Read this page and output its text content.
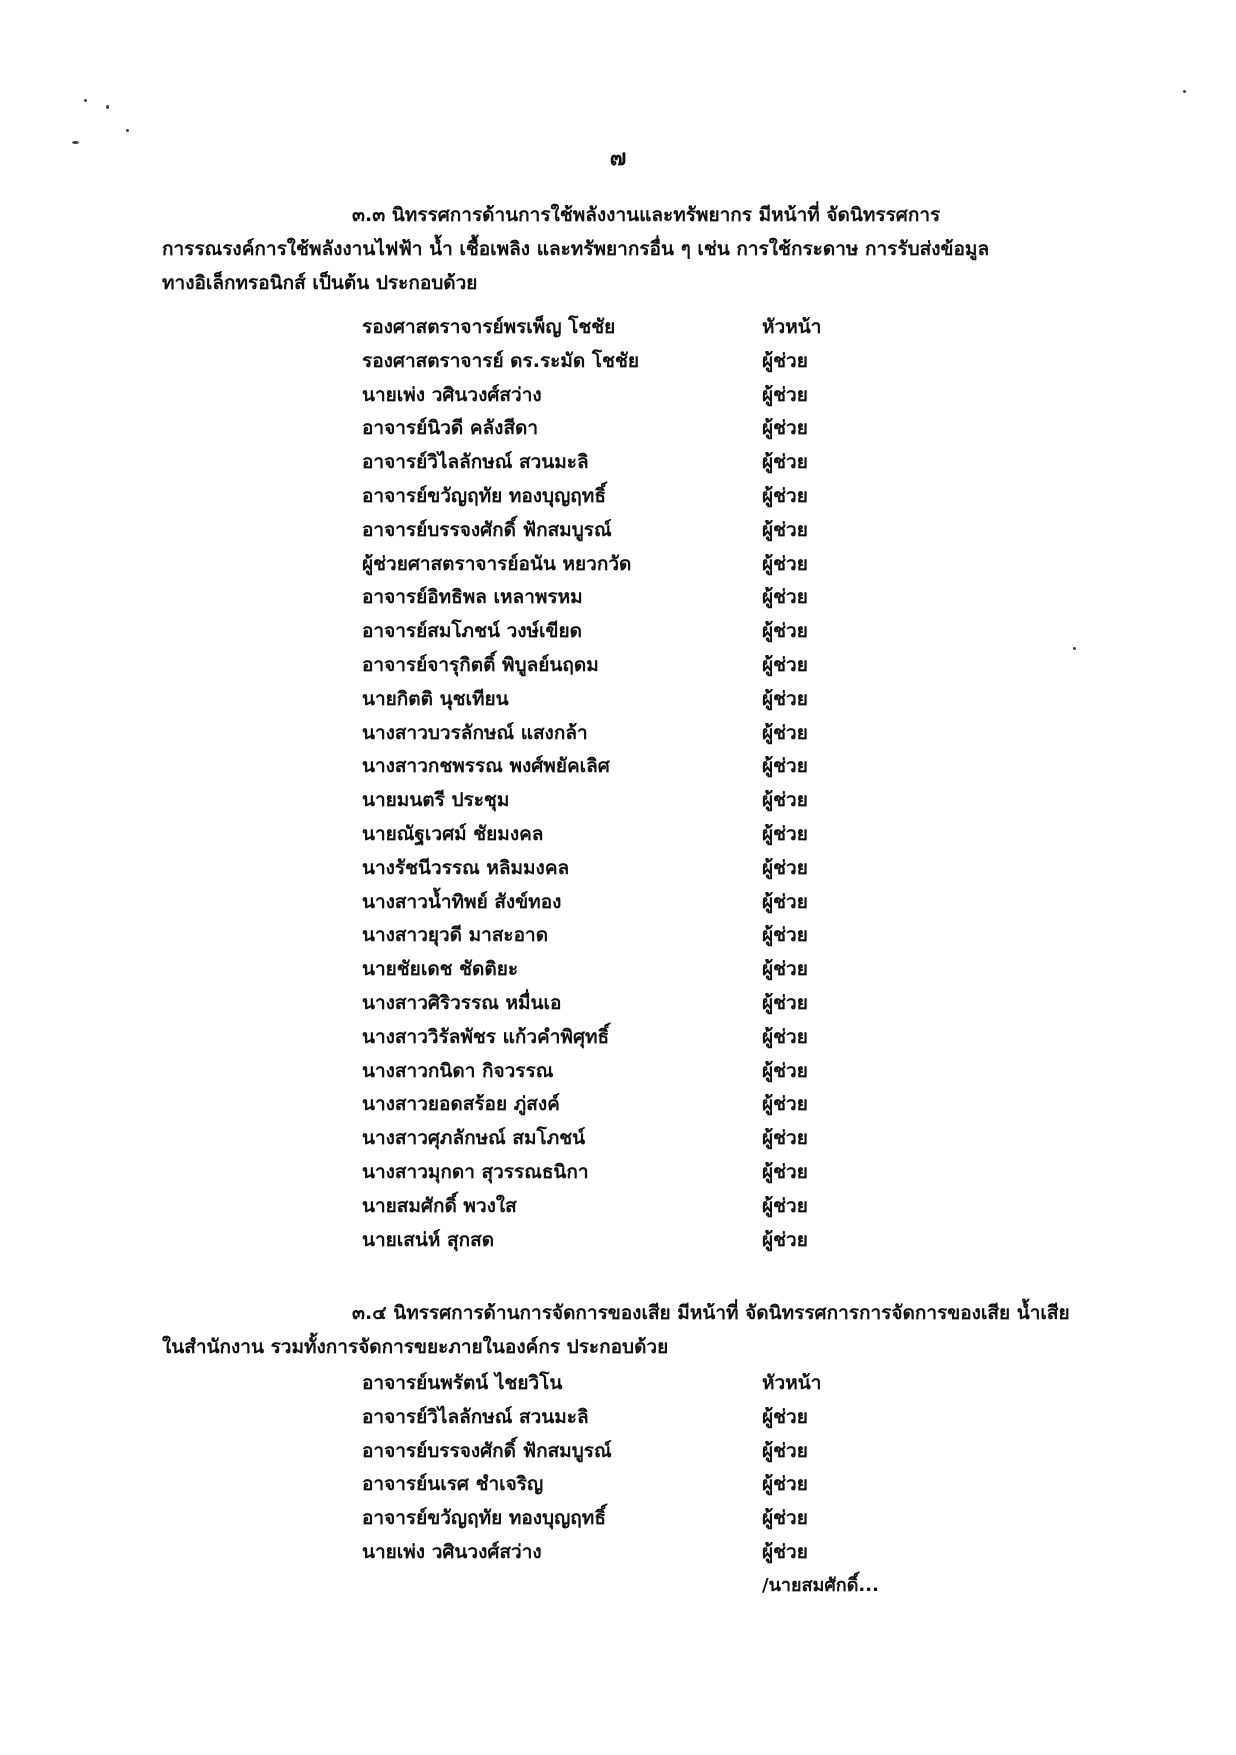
๗
๓.๓ นิทรรศการด้านการใช้พลังงานและทรัพยากร มีหน้าที่ จัดนิทรรศการ
การรณรงค์การใช้พลังงานไฟฟ้า น้ำ เชื้อเพลิง และทรัพยากรอื่น ๆ เช่น การใช้กระดาษ การรับส่งข้อมูล
ทางอิเล็กทรอนิกส์ เป็นต้น ประกอบด้วย
รองศาสตราจารย์พรเพ็ญ โชชัย	หัวหน้า
รองศาสตราจารย์ ดร.ระมัด โชชัย	ผู้ช่วย
นายเพ่ง วศินวงศ์สว่าง	ผู้ช่วย
อาจารย์นิวดี คลังสีดา	ผู้ช่วย
อาจารย์วิไลลักษณ์ สวนมะลิ	ผู้ช่วย
อาจารย์ขวัญฤทัย ทองบุญฤทธิ์	ผู้ช่วย
อาจารย์บรรจงศักดิ์ ฟักสมบูรณ์	ผู้ช่วย
ผู้ช่วยศาสตราจารย์อนัน หยวกวัด	ผู้ช่วย
อาจารย์อิทธิพล เหลาพรหม	ผู้ช่วย
อาจารย์สมโภชน์ วงษ์เขียด	ผู้ช่วย
อาจารย์จารุกิตติ์ พิบูลย์นฤดม	ผู้ช่วย
นายกิตติ นุชเทียน	ผู้ช่วย
นางสาวบวรลักษณ์ แสงกล้า	ผู้ช่วย
นางสาวกชพรรณ พงศ์พยัคเลิศ	ผู้ช่วย
นายมนตรี ประชุม	ผู้ช่วย
นายณัฐเวศม์ ชัยมงคล	ผู้ช่วย
นางรัชนีวรรณ หลิมมงคล	ผู้ช่วย
นางสาวน้ำทิพย์ สังข์ทอง	ผู้ช่วย
นางสาวยุวดี มาสะอาด	ผู้ช่วย
นายชัยเดช ชัดติยะ	ผู้ช่วย
นางสาวศิริวรรณ หมื่นเอ	ผู้ช่วย
นางสาววิรัลพัชร แก้วคำพิศุทธิ์	ผู้ช่วย
นางสาวกนิดา กิจวรรณ	ผู้ช่วย
นางสาวยอดสร้อย ภู่สงค์	ผู้ช่วย
นางสาวศุภลักษณ์ สมโภชน์	ผู้ช่วย
นางสาวมุกดา สุวรรณธนิกา	ผู้ช่วย
นายสมศักดิ์ พวงใส	ผู้ช่วย
นายเสน่ห์ สุกสด	ผู้ช่วย
๓.๔ นิทรรศการด้านการจัดการของเสีย มีหน้าที่ จัดนิทรรศการการจัดการของเสีย น้ำเสีย
ในสำนักงาน รวมทั้งการจัดการขยะภายในองค์กร ประกอบด้วย
อาจารย์นพรัตน์ ไชยวิโน	หัวหน้า
อาจารย์วิไลลักษณ์ สวนมะลิ	ผู้ช่วย
อาจารย์บรรจงศักดิ์ ฟักสมบูรณ์	ผู้ช่วย
อาจารย์นเรศ ชำเจริญ	ผู้ช่วย
อาจารย์ขวัญฤทัย ทองบุญฤทธิ์	ผู้ช่วย
นายเพ่ง วศินวงศ์สว่าง	ผู้ช่วย
/นายสมศักดิ์...
